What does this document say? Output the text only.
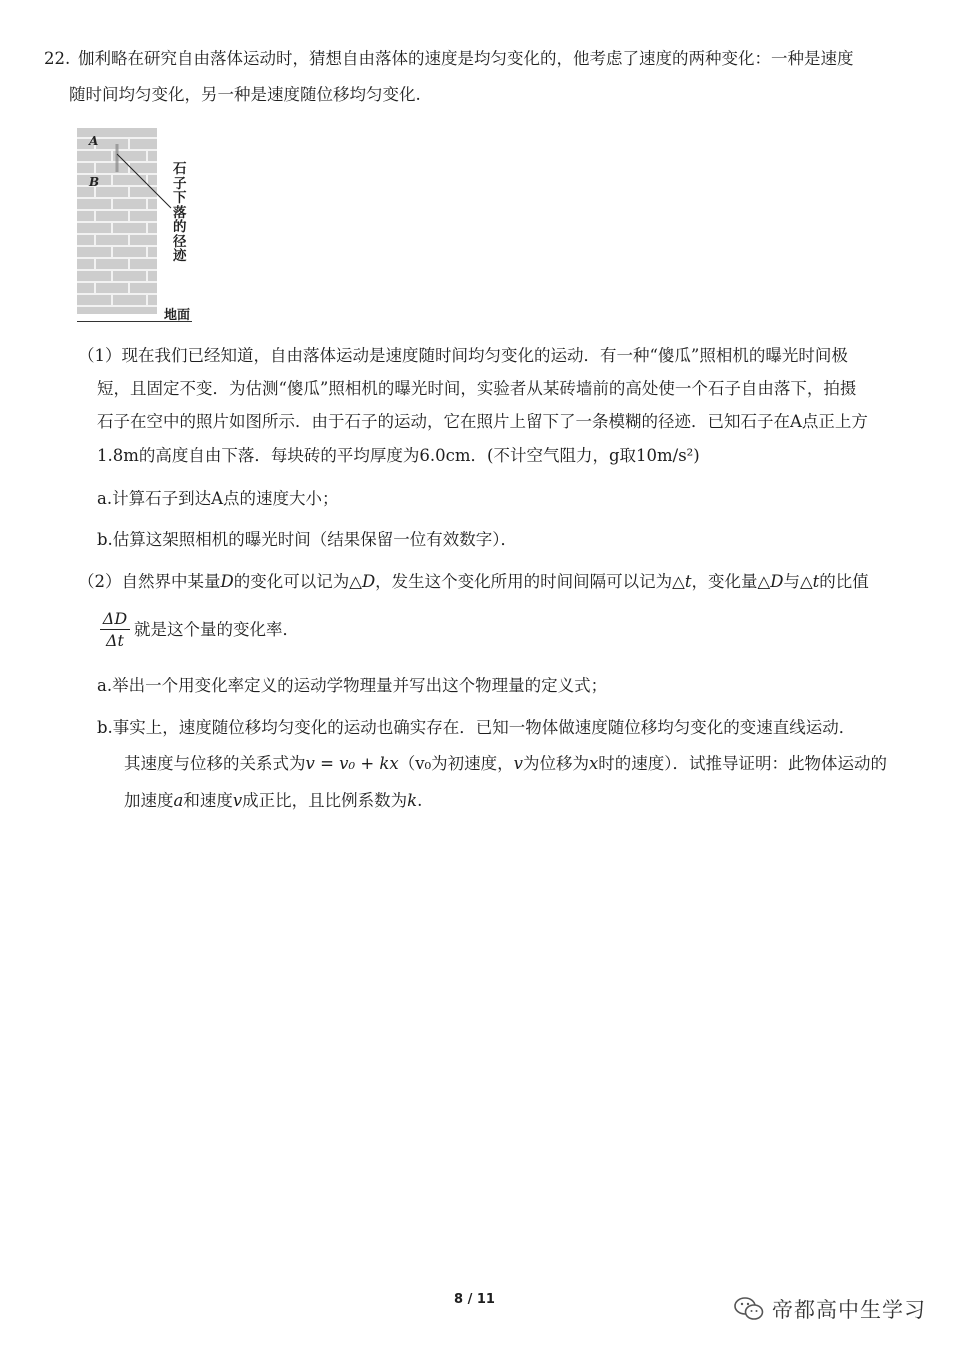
22. 伽利略在研究自由落体运动时，猜想自由落体的速度是均匀变化的，他考虑了速度的两种变化：一种是速度
随时间均匀变化，另一种是速度随位移均匀变化.
A
B
石子下落的径迹
地面
（1）现在我们已经知道，自由落体运动是速度随时间均匀变化的运动．有一种“傻瓜”照相机的曝光时间极
短，且固定不变．为估测“傻瓜”照相机的曝光时间，实验者从某砖墙前的高处使一个石子自由落下，拍摄
石子在空中的照片如图所示．由于石子的运动，它在照片上留下了一条模糊的径迹．已知石子在A点正上方
1.8m的高度自由下落．每块砖的平均厚度为6.0cm．(不计空气阻力，g取10m/s²)
a.计算石子到达A点的速度大小；
b.估算这架照相机的曝光时间（结果保留一位有效数字）．
（2）自然界中某量D的变化可以记为△D，发生这个变化所用的时间间隔可以记为△t，变化量△D与△t的比值
ΔD
Δt
就是这个量的变化率．
a.举出一个用变化率定义的运动学物理量并写出这个物理量的定义式；
b.事实上，速度随位移均匀变化的运动也确实存在．已知一物体做速度随位移均匀变化的变速直线运动．
其速度与位移的关系式为v = v₀ + kx（v₀为初速度，v为位移为x时的速度）．试推导证明：此物体运动的
加速度a和速度v成正比，且比例系数为k.
8 / 11	帝都高中生学习
